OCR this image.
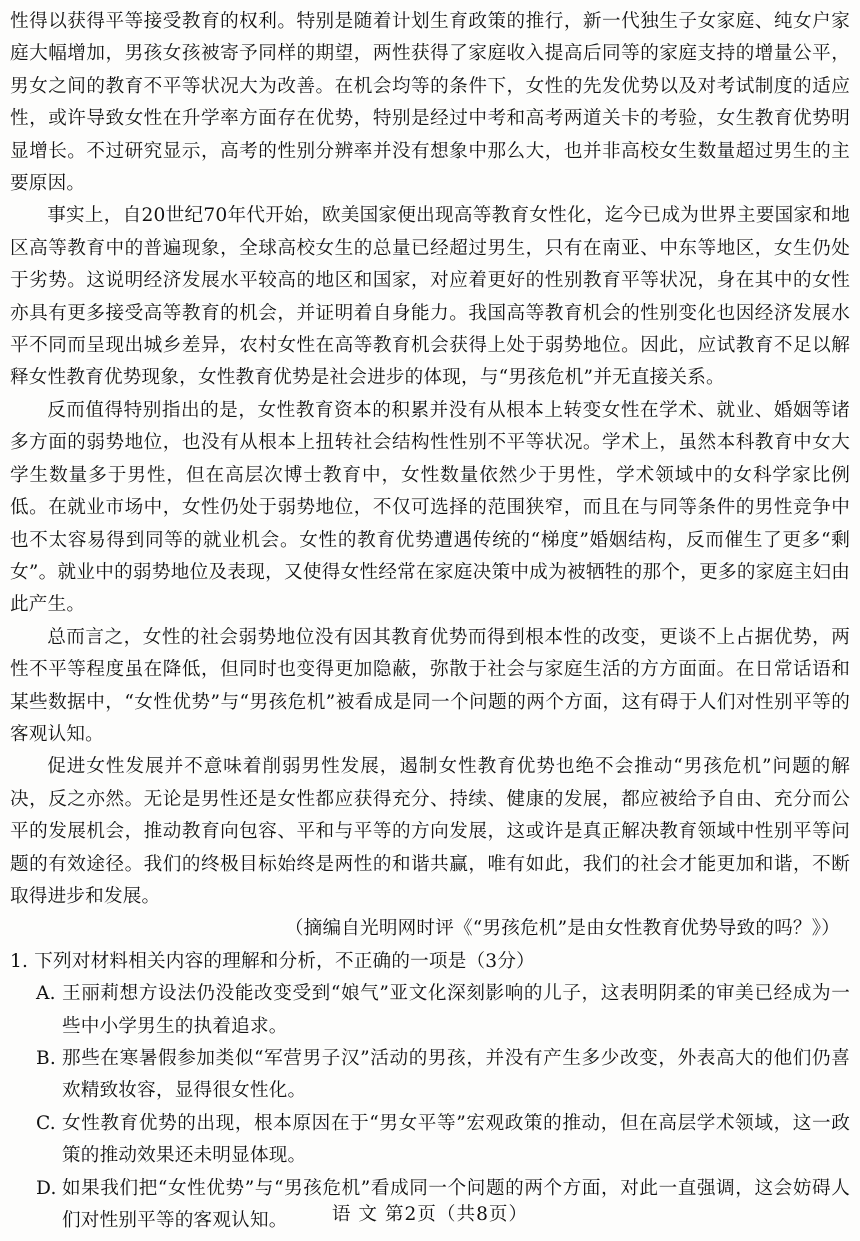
性得以获得平等接受教育的权利。特别是随着计划生育政策的推行，新一代独生子女家庭、纯女户家庭大幅增加，男孩女孩被寄予同样的期望，两性获得了家庭收入提高后同等的家庭支持的增量公平，男女之间的教育不平等状况大为改善。在机会均等的条件下，女性的先发优势以及对考试制度的适应性，或许导致女性在升学率方面存在优势，特别是经过中考和高考两道关卡的考验，女生教育优势明显增长。不过研究显示，高考的性别分辨率并没有想象中那么大，也并非高校女生数量超过男生的主要原因。

事实上，自20世纪70年代开始，欧美国家便出现高等教育女性化，迄今已成为世界主要国家和地区高等教育中的普遍现象，全球高校女生的总量已经超过男生，只有在南亚、中东等地区，女生仍处于劣势。这说明经济发展水平较高的地区和国家，对应着更好的性别教育平等状况，身在其中的女性亦具有更多接受高等教育的机会，并证明着自身能力。我国高等教育机会的性别变化也因经济发展水平不同而呈现出城乡差异，农村女性在高等教育机会获得上处于弱势地位。因此，应试教育不足以解释女性教育优势现象，女性教育优势是社会进步的体现，与“男孩危机”并无直接关系。

反而值得特别指出的是，女性教育资本的积累并没有从根本上转变女性在学术、就业、婚姻等诸多方面的弱势地位，也没有从根本上扭转社会结构性性别不平等状况。学术上，虽然本科教育中女大学生数量多于男性，但在高层次博士教育中，女性数量依然少于男性，学术领域中的女科学家比例低。在就业市场中，女性仍处于弱势地位，不仅可选择的范围狭窄，而且在与同等条件的男性竞争中也不太容易得到同等的就业机会。女性的教育优势遭遇传统的“梯度”婚姻结构，反而催生了更多“剩女”。就业中的弱势地位及表现，又使得女性经常在家庭决策中成为被牺牲的那个，更多的家庭主妇由此产生。

总而言之，女性的社会弱势地位没有因其教育优势而得到根本性的改变，更谈不上占据优势，两性不平等程度虽在降低，但同时也变得更加隐蔽，弥散于社会与家庭生活的方方面面。在日常话语和某些数据中，“女性优势”与“男孩危机”被看成是同一个问题的两个方面，这有碍于人们对性别平等的客观认知。

促进女性发展并不意味着削弱男性发展，遏制女性教育优势也绝不会推动“男孩危机”问题的解决，反之亦然。无论是男性还是女性都应获得充分、持续、健康的发展，都应被给予自由、充分而公平的发展机会，推动教育向包容、平和与平等的方向发展，这或许是真正解决教育领域中性别平等问题的有效途径。我们的终极目标始终是两性的和谐共赢，唯有如此，我们的社会才能更加和谐，不断取得进步和发展。

（摘编自光明网时评《“男孩危机”是由女性教育优势导致的吗？》）

1. 下列对材料相关内容的理解和分析，不正确的一项是（3分）

A. 王丽莉想方设法仍没能改变受到“娘气”亚文化深刻影响的儿子，这表明阴柔的审美已经成为一些中小学男生的执着追求。
B. 那些在寒暑假参加类似“军营男子汉”活动的男孩，并没有产生多少改变，外表高大的他们仍喜欢精致妆容，显得很女性化。
C. 女性教育优势的出现，根本原因在于“男女平等”宏观政策的推动，但在高层学术领域，这一政策的推动效果还未明显体现。
D. 如果我们把“女性优势”与“男孩危机”看成同一个问题的两个方面，对此一直强调，这会妨碍人们对性别平等的客观认知。	语 文 第2页（共8页）
